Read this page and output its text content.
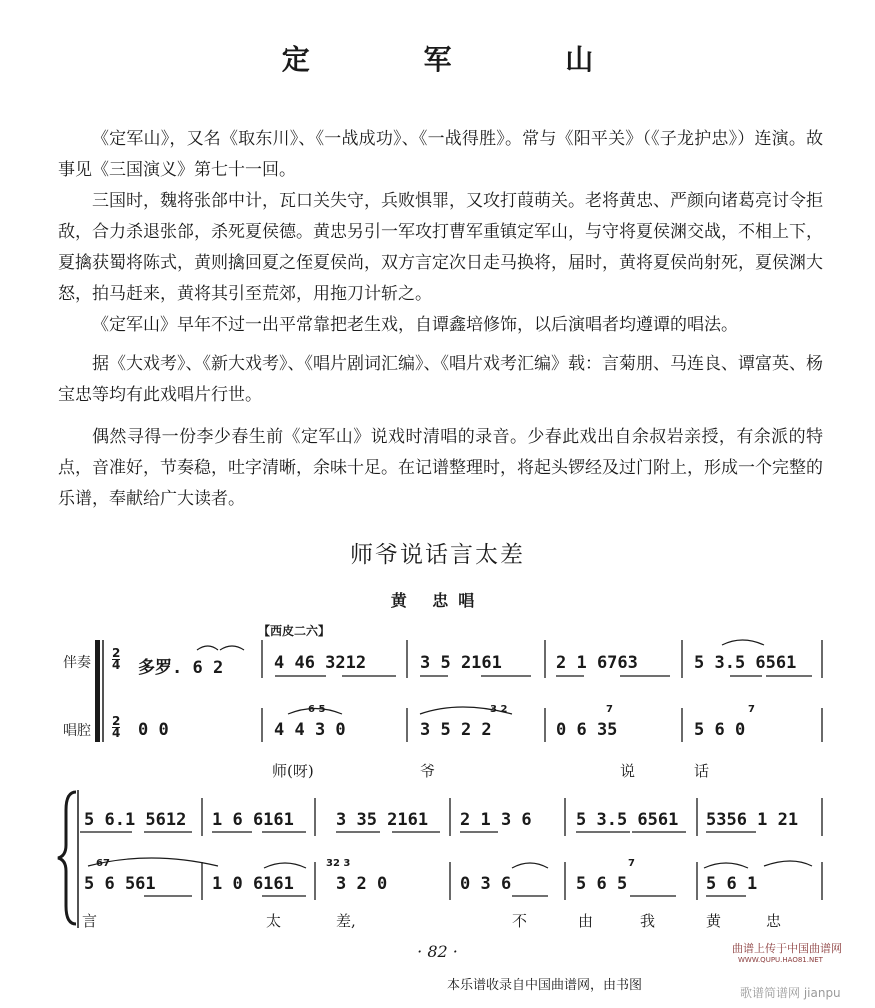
定 军 山

《定军山》，又名《取东川》、《一战成功》、《一战得胜》。常与《阳平关》（《子龙护忠》）连演。故事见《三国演义》第七十一回。

三国时，魏将张郃中计，瓦口关失守，兵败惧罪，又攻打葭萌关。老将黄忠、严颜向诸葛亮讨令拒敌，合力杀退张郃，杀死夏侯德。黄忠另引一军攻打曹军重镇定军山，与守将夏侯渊交战，不相上下，夏擒获蜀将陈式，黄则擒回夏之侄夏侯尚，双方言定次日走马换将，届时，黄将夏侯尚射死，夏侯渊大怒，拍马赶来，黄将其引至荒郊，用拖刀计斩之。

《定军山》早年不过一出平常靠把老生戏，自谭鑫培修饰，以后演唱者均遵谭的唱法。

据《大戏考》、《新大戏考》、《唱片剧词汇编》、《唱片戏考汇编》载：言菊朋、马连良、谭富英、杨宝忠等均有此戏唱片行世。

偶然寻得一份李少春生前《定军山》说戏时清唱的录音。少春此戏出自余叔岩亲授，有余派的特点，音准好，节奏稳，吐字清晰，余味十足。在记谱整理时，将起头锣经及过门附上，形成一个完整的乐谱，奉献给广大读者。

师爷说话言太差
黄 忠唱
【西皮二六】
伴奏
唱腔
2
4
2
4
多罗. 6 2	4 46 3212	3 5 2161	2 1 6763	5 3.5 6561
0 0	4 4 3 0	3 5 2 2	0 6 35	5 6 0
6 5	3 2	7	7
师(呀)	爷	说	话
5 6.1 5612 1 6 6161 3 35 2161 2 1 3 6	5 3.5 6561 5356 1 21
5 6 561	1 0 6161 3 2 0	0 3 6	5 6 5	5 6 1
67	32 3	7
言	太	差,	不	由	我	黄	忠
· 82 ·	曲谱上传于中国曲谱网
WWW.QUPU.HAO81.NET
本乐谱收录自中国曲谱网，由书图	歌谱简谱网 jianpu
